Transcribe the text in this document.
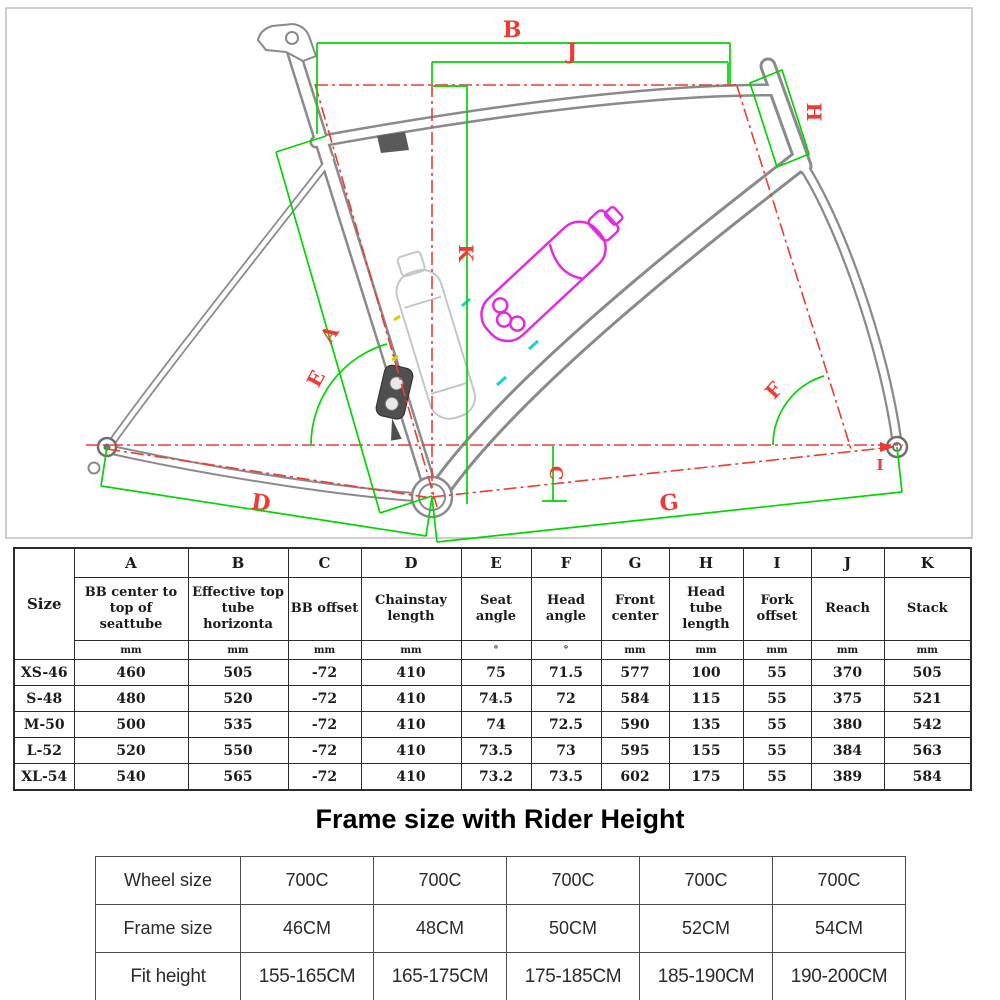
B
J
H
K
A
E	F
C	I
D	G
Size	A	B	C	D	E	F	G	H	I	J	K
	BB center to top of seattube	Effective top tube horizonta	BB offset	Chainstay length	Seat angle	Head angle	Front center	Head tube length	Fork offset	Reach	Stack
	mm	mm	mm	mm	°	°	mm	mm	mm	mm	mm
XS-46	460	505	-72	410	75	71.5	577	100	55	370	505
S-48	480	520	-72	410	74.5	72	584	115	55	375	521
M-50	500	535	-72	410	74	72.5	590	135	55	380	542
L-52	520	550	-72	410	73.5	73	595	155	55	384	563
XL-54	540	565	-72	410	73.2	73.5	602	175	55	389	584
Frame size with Rider Height
Wheel size	700C	700C	700C	700C	700C
Frame size	46CM	48CM	50CM	52CM	54CM
Fit height	155-165CM	165-175CM	175-185CM	185-190CM	190-200CM
